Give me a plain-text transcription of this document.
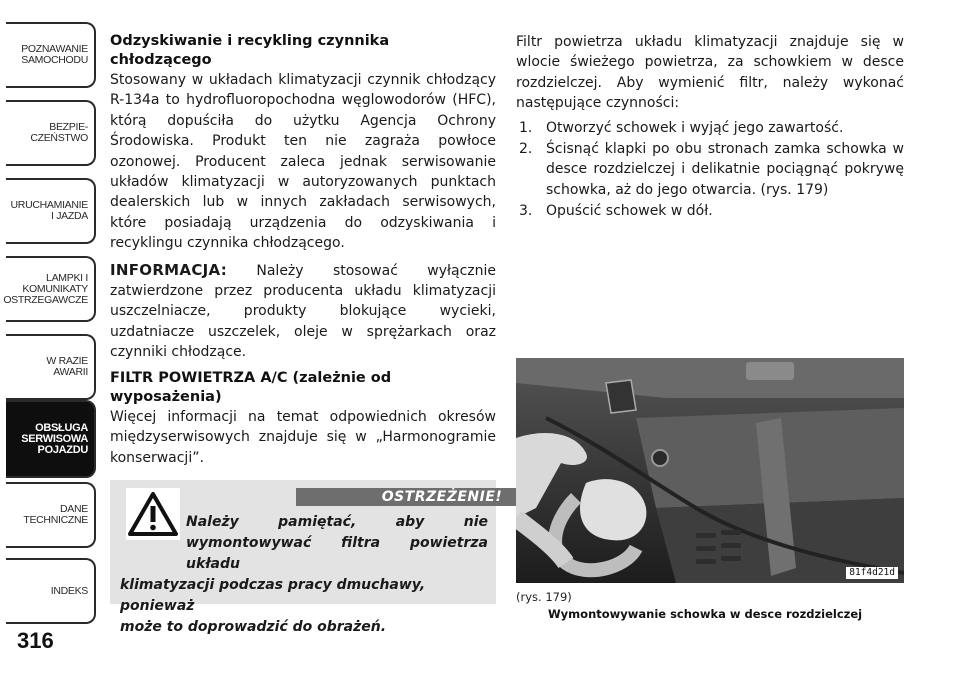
POZNAWANIE
SAMOCHODU
BEZPIE-
CZEŃSTWO
URUCHAMIANIE
I JAZDA
LAMPKI I
KOMUNIKATY
OSTRZEGAWCZE
W RAZIE
AWARII
OBSŁUGA
SERWISOWA
POJAZDU
DANE
TECHNICZNE
INDEKS
316

Odzyskiwanie i recykling czynnika
chłodzącego

Stosowany w układach klimatyzacji czynnik chłodzący R-134a to hydrofluoropochodna węglowodorów (HFC), którą dopuściła do użytku Agencja Ochrony Środowiska. Produkt ten nie zagraża powłoce ozonowej. Producent zaleca jednak serwisowanie układów klimatyzacji w autoryzowanych punktach dealerskich lub w innych zakładach serwisowych, które posiadają urządzenia do odzyskiwania i recyklingu czynnika chłodzącego.

INFORMACJA: Należy stosować wyłącznie zatwierdzone przez producenta układu klimatyzacji uszczelniacze, produkty blokujące wycieki, uzdatniacze uszczelek, oleje w sprężarkach oraz czynniki chłodzące.

FILTR POWIETRZA A/C (zależnie od
wyposażenia)

Więcej informacji na temat odpowiednich okresów międzyserwisowych znajduje się w „Harmonogramie konserwacji”.

OSTRZEŻENIE!
Należy pamiętać, aby nie
wymontowywać filtra powietrza układu
klimatyzacji podczas pracy dmuchawy, ponieważ
może to doprowadzić do obrażeń.

Filtr powietrza układu klimatyzacji znajduje się w wlocie świeżego powietrza, za schowkiem w desce rozdzielczej. Aby wymienić filtr, należy wykonać następujące czynności:

1. Otworzyć schowek i wyjąć jego zawartość.
2. Ścisnąć klapki po obu stronach zamka schowka w desce rozdzielczej i delikatnie pociągnąć pokrywę schowka, aż do jego otwarcia. (rys. 179)
3. Opuścić schowek w dół.
81f4d21d
(rys. 179)
Wymontowywanie schowka w desce rozdzielczej
